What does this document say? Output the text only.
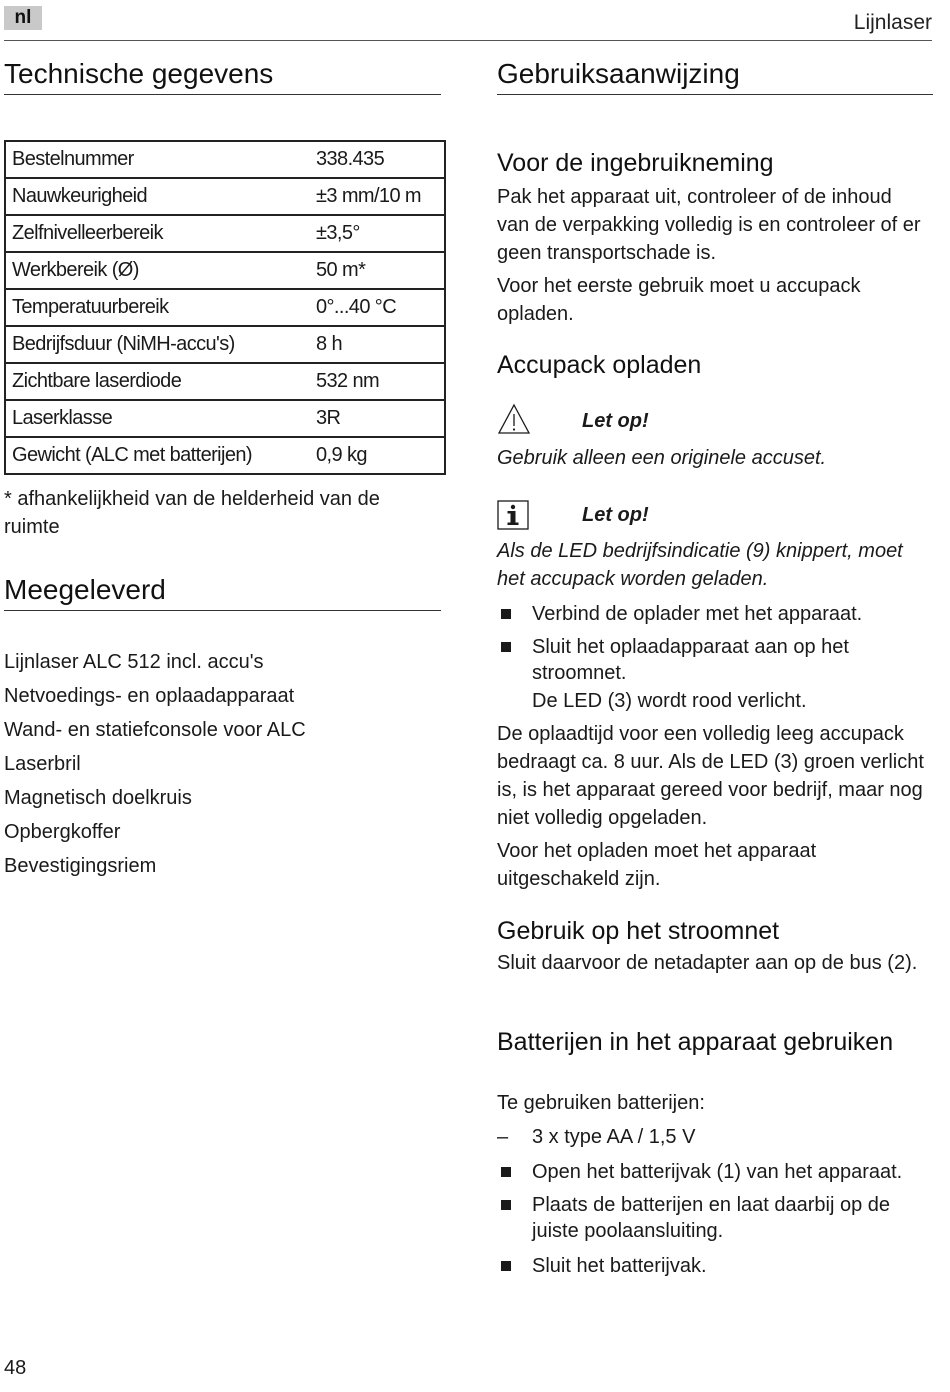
nl	Lijnlaser
Technische gegevens
Bestelnummer	338.435
Nauwkeurigheid	±3 mm/10 m
Zelfnivelleerbereik	±3,5°
Werkbereik (Ø)	50 m*
Temperatuurbereik	0°...40 °C
Bedrijfsduur (NiMH-accu's)	8 h
Zichtbare laserdiode	532 nm
Laserklasse	3R
Gewicht (ALC met batterijen)	0,9 kg
* afhankelijkheid van de helderheid van de ruimte
Meegeleverd
Lijnlaser ALC 512 incl. accu's
Netvoedings- en oplaadapparaat
Wand- en statiefconsole voor ALC
Laserbril
Magnetisch doelkruis
Opbergkoffer
Bevestigingsriem
Gebruiksaanwijzing
Voor de ingebruikneming

Pak het apparaat uit, controleer of de inhoud van de verpakking volledig is en controleer of er geen transportschade is.

Voor het eerste gebruik moet u accupack opladen.

Accupack opladen
Let op!

Gebruik alleen een originele accuset.

Let op!

Als de LED bedrijfsindicatie (9) knippert, moet het accupack worden geladen.

Verbind de oplader met het apparaat.
Sluit het oplaadapparaat aan op het stroomnet.
De LED (3) wordt rood verlicht.

De oplaadtijd voor een volledig leeg accupack bedraagt ca. 8 uur. Als de LED (3) groen verlicht is, is het apparaat gereed voor bedrijf, maar nog niet volledig opgeladen.

Voor het opladen moet het apparaat uitgeschakeld zijn.

Gebruik op het stroomnet

Sluit daarvoor de netadapter aan op de bus (2).

Batterijen in het apparaat gebruiken

Te gebruiken batterijen:

– 3 x type AA / 1,5 V
Open het batterijvak (1) van het apparaat.
Plaats de batterijen en laat daarbij op de juiste poolaansluiting.
Sluit het batterijvak.
48
